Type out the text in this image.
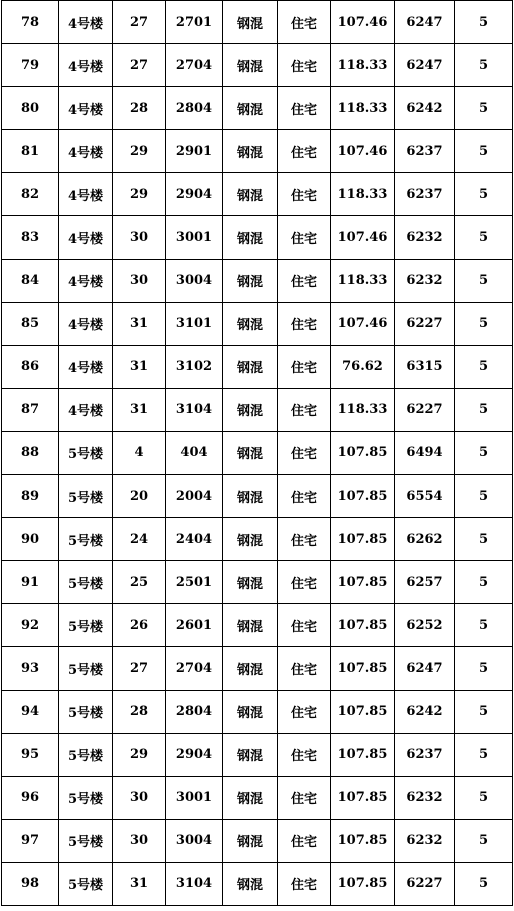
78	4号楼	27	2701	钢混	住宅	107.46	6247	5
79	4号楼	27	2704	钢混	住宅	118.33	6247	5
80	4号楼	28	2804	钢混	住宅	118.33	6242	5
81	4号楼	29	2901	钢混	住宅	107.46	6237	5
82	4号楼	29	2904	钢混	住宅	118.33	6237	5
83	4号楼	30	3001	钢混	住宅	107.46	6232	5
84	4号楼	30	3004	钢混	住宅	118.33	6232	5
85	4号楼	31	3101	钢混	住宅	107.46	6227	5
86	4号楼	31	3102	钢混	住宅	76.62	6315	5
87	4号楼	31	3104	钢混	住宅	118.33	6227	5
88	5号楼	4	404	钢混	住宅	107.85	6494	5
89	5号楼	20	2004	钢混	住宅	107.85	6554	5
90	5号楼	24	2404	钢混	住宅	107.85	6262	5
91	5号楼	25	2501	钢混	住宅	107.85	6257	5
92	5号楼	26	2601	钢混	住宅	107.85	6252	5
93	5号楼	27	2704	钢混	住宅	107.85	6247	5
94	5号楼	28	2804	钢混	住宅	107.85	6242	5
95	5号楼	29	2904	钢混	住宅	107.85	6237	5
96	5号楼	30	3001	钢混	住宅	107.85	6232	5
97	5号楼	30	3004	钢混	住宅	107.85	6232	5
98	5号楼	31	3104	钢混	住宅	107.85	6227	5
